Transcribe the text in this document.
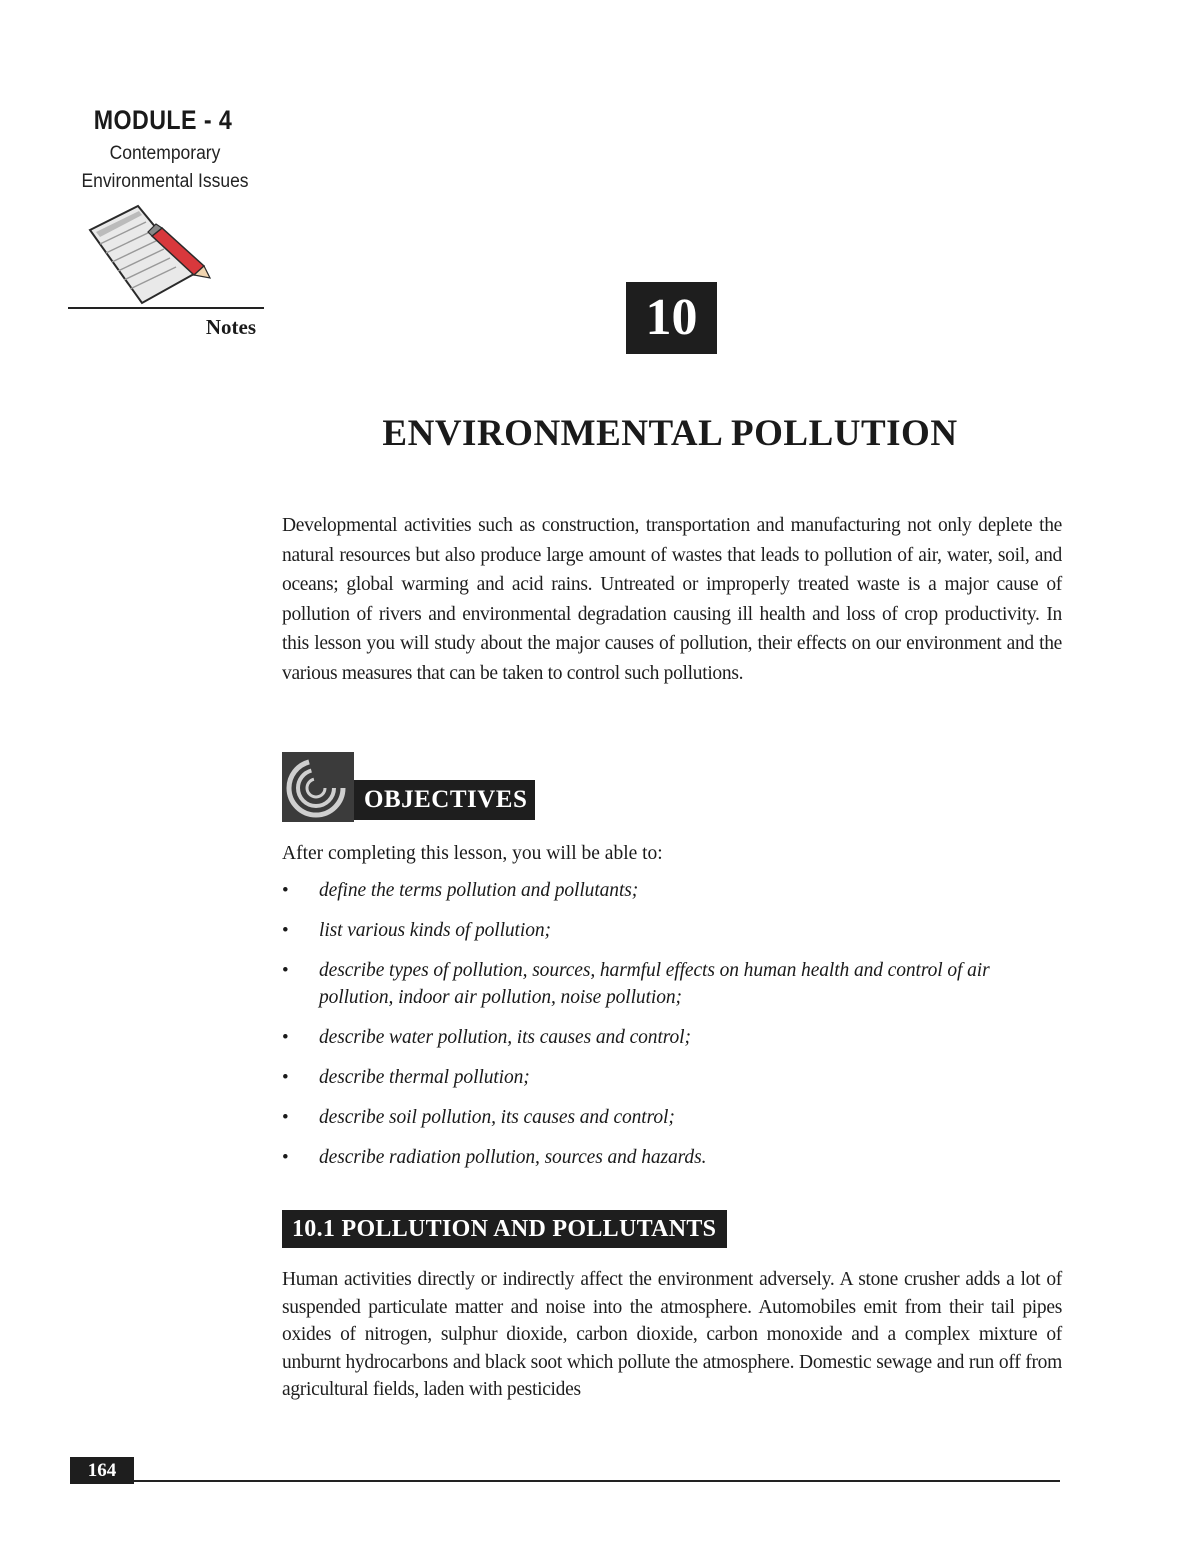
MODULE - 4
Contemporary
Environmental Issues
Notes	10
ENVIRONMENTAL POLLUTION

Developmental activities such as construction, transportation and manufacturing not only deplete the natural resources but also produce large amount of wastes that leads to pollution of air, water, soil, and oceans; global warming and acid rains. Untreated or improperly treated waste is a major cause of pollution of rivers and environmental degradation causing ill health and loss of crop productivity. In this lesson you will study about the major causes of pollution, their effects on our environment and the various measures that can be taken to control such pollutions.

OBJECTIVES
After completing this lesson, you will be able to:
• define the terms pollution and pollutants;
• list various kinds of pollution;
• describe types of pollution, sources, harmful effects on human health and control of air pollution, indoor air pollution, noise pollution;
• describe water pollution, its causes and control;
• describe thermal pollution;
• describe soil pollution, its causes and control;
• describe radiation pollution, sources and hazards.
10.1 POLLUTION AND POLLUTANTS

Human activities directly or indirectly affect the environment adversely. A stone crusher adds a lot of suspended particulate matter and noise into the atmosphere. Automobiles emit from their tail pipes oxides of nitrogen, sulphur dioxide, carbon dioxide, carbon monoxide and a complex mixture of unburnt hydrocarbons and black soot which pollute the atmosphere. Domestic sewage and run off from agricultural fields, laden with pesticides

164
